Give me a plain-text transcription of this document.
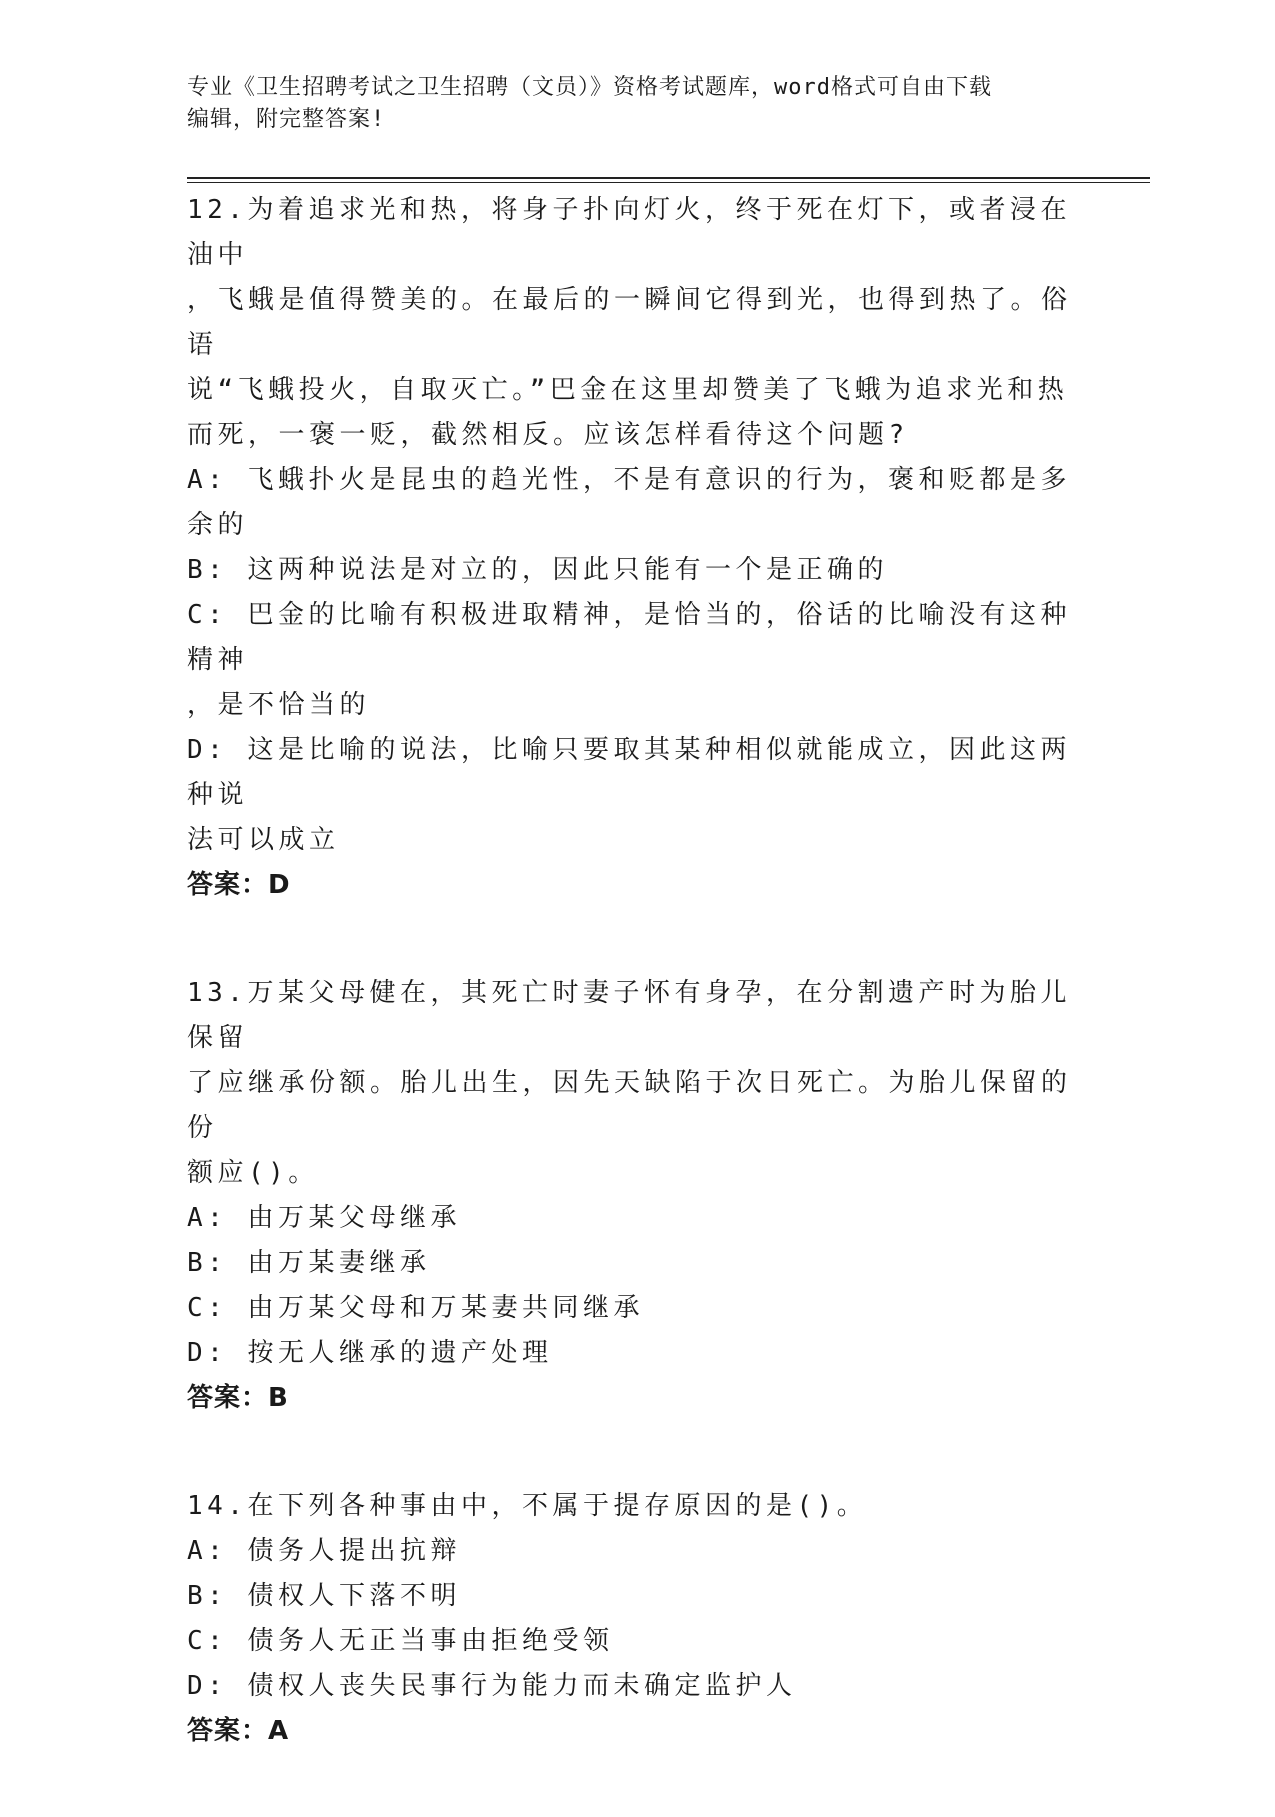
专业《卫生招聘考试之卫生招聘（文员）》资格考试题库，word格式可自由下载
编辑，附完整答案!
12.为着追求光和热，将身子扑向灯火，终于死在灯下，或者浸在油中
，飞蛾是值得赞美的。在最后的一瞬间它得到光，也得到热了。俗语
说“飞蛾投火，自取灭亡。”巴金在这里却赞美了飞蛾为追求光和热
而死，一褒一贬，截然相反。应该怎样看待这个问题?
A: 飞蛾扑火是昆虫的趋光性，不是有意识的行为，褒和贬都是多余的
B: 这两种说法是对立的，因此只能有一个是正确的
C: 巴金的比喻有积极进取精神，是恰当的，俗话的比喻没有这种精神
，是不恰当的
D: 这是比喻的说法，比喻只要取其某种相似就能成立，因此这两种说
法可以成立
答案：D
13.万某父母健在，其死亡时妻子怀有身孕，在分割遗产时为胎儿保留
了应继承份额。胎儿出生，因先天缺陷于次日死亡。为胎儿保留的份
额应()。
A: 由万某父母继承
B: 由万某妻继承
C: 由万某父母和万某妻共同继承
D: 按无人继承的遗产处理
答案：B
14.在下列各种事由中，不属于提存原因的是()。
A: 债务人提出抗辩
B: 债权人下落不明
C: 债务人无正当事由拒绝受领
D: 债权人丧失民事行为能力而未确定监护人
答案：A
